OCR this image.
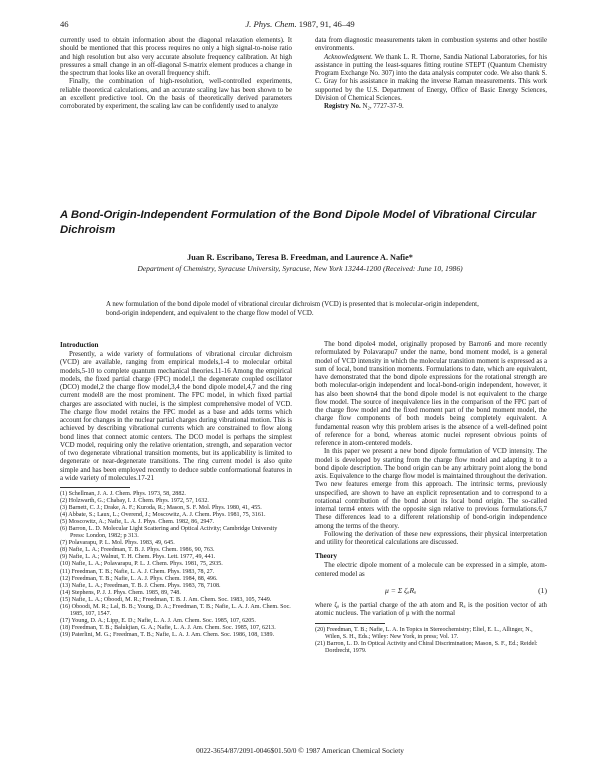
46	J. Phys. Chem. 1987, 91, 46–49

currently used to obtain information about the diagonal relaxation elements). It should be mentioned that this process requires no only a high signal-to-noise ratio and high resolution but also very accurate absolute frequency calibration. At high pressures a small change in an off-diagonal S-matrix element produces a change in the spectrum that looks like an overall frequency shift.

Finally, the combination of high-resolution, well-controlled experiments, reliable theoretical calculations, and an accurate scaling law has been shown to be an excellent predictive tool. On the basis of theoretically derived parameters corroborated by experiment, the scaling law can be confidently used to analyze

data from diagnostic measurements taken in combustion systems and other hostile environments.

Acknowledgment. We thank L. R. Thorne, Sandia National Laboratories, for his assistance in putting the least-squares fitting routine STEPT (Quantum Chemistry Program Exchange No. 307) into the data analysis computer code. We also thank S. C. Gray for his assistance in making the inverse Raman measurements. This work supported by the U.S. Department of Energy, Office of Basic Energy Sciences, Division of Chemical Sciences.

Registry No. N₂, 7727-37-9.

A Bond-Origin-Independent Formulation of the Bond Dipole Model of Vibrational Circular Dichroism
Juan R. Escribano, Teresa B. Freedman, and Laurence A. Nafie*
Department of Chemistry, Syracuse University, Syracuse, New York 13244-1200 (Received: June 10, 1986)
A new formulation of the bond dipole model of vibrational circular dichroism (VCD) is presented that is molecular-origin independent, bond-origin independent, and equivalent to the charge flow model of VCD.
Introduction

Presently, a wide variety of formulations of vibrational circular dichroism (VCD) are available, ranging from empirical models,1-4 to molecular orbital models,5-10 to complete quantum mechanical theories.11-16 Among the empirical models, the fixed partial charge (FPC) model,1 the degenerate coupled oscillator (DCO) model,2 the charge flow model,3,4 the bond dipole model,4,7 and the ring current model8 are the most prominent. The FPC model, in which fixed partial charges are associated with nuclei, is the simplest comprehensive model of VCD. The charge flow model retains the FPC model as a base and adds terms which account for changes in the nuclear partial charges during vibrational motion. This is achieved by describing vibrational currents which are constrained to flow along bond lines that connect atomic centers. The DCO model is perhaps the simplest VCD model, requiring only the relative orientation, strength, and separation vector of two degenerate vibrational transition moments, but its applicability is limited to degenerate or near-degenerate transitions. The ring current model is also quite simple and has been employed recently to deduce subtle conformational features in a wide variety of molecules.17-21

(1) Schellman, J. A. J. Chem. Phys. 1973, 58, 2882.
(2) Holzwarth, G.; Chabay, I. J. Chem. Phys. 1972, 57, 1632.
(3) Barnett, C. J.; Drake, A. F.; Kuroda, R.; Mason, S. F. Mol. Phys. 1980, 41, 455.
(4) Abbate, S.; Laux, L.; Overend, J.; Moscowitz, A. J. Chem. Phys. 1981, 75, 3161.
(5) Moscowitz, A.; Nafie, L. A. J. Phys. Chem. 1982, 86, 2947.
(6) Barron, L. D. Molecular Light Scattering and Optical Activity; Cambridge University Press: London, 1982; p 313.
(7) Polavarapu, P. L. Mol. Phys. 1983, 49, 645.
(8) Nafie, L. A.; Freedman, T. B. J. Phys. Chem. 1986, 90, 763.
(9) Nafie, L. A.; Walnut, T. H. Chem. Phys. Lett. 1977, 49, 441.
(10) Nafie, L. A.; Polavarapu, P. L. J. Chem. Phys. 1981, 75, 2935.
(11) Freedman, T. B.; Nafie, L. A. J. Chem. Phys. 1983, 78, 27.
(12) Freedman, T. B.; Nafie, L. A. J. Phys. Chem. 1984, 88, 496.
(13) Nafie, L. A.; Freedman, T. B. J. Chem. Phys. 1983, 78, 7108.
(14) Stephens, P. J. J. Phys. Chem. 1985, 89, 748.
(15) Nafie, L. A.; Oboodi, M. R.; Freedman, T. B. J. Am. Chem. Soc. 1983, 105, 7449.
(16) Oboodi, M. R.; Lal, B. B.; Young, D. A.; Freedman, T. B.; Nafie, L. A. J. Am. Chem. Soc. 1985, 107, 1547.
(17) Young, D. A.; Lipp, E. D.; Nafie, L. A. J. Am. Chem. Soc. 1985, 107, 6205.
(18) Freedman, T. B.; Balukjian, G. A.; Nafie, L. A. J. Am. Chem. Soc. 1985, 107, 6213.
(19) Paterlini, M. G.; Freedman, T. B.; Nafie, L. A. J. Am. Chem. Soc. 1986, 108, 1389.

The bond dipole4 model, originally proposed by Barron6 and more recently reformulated by Polavarapu7 under the name, bond moment model, is a general model of VCD intensity in which the molecular transition moment is expressed as a sum of local, bond transition moments. Formulations to date, which are equivalent, have demonstrated that the bond dipole expressions for the rotational strength are both molecular-origin independent and local-bond-origin independent, however, it has also been shown4 that the bond dipole model is not equivalent to the charge flow model. The source of inequivalence lies in the comparison of the FPC part of the charge flow model and the fixed moment part of the bond moment model, the charge flow components of both models being completely equivalent. A fundamental reason why this problem arises is the absence of a well-defined point of reference for a bond, whereas atomic nuclei represent obvious points of reference in atom-centered models.

In this paper we present a new bond dipole formulation of VCD intensity. The model is developed by starting from the charge flow model and adapting it to a bond dipole description. The bond origin can be any arbitrary point along the bond axis. Equivalence to the charge flow model is maintained throughout the derivation. Two new features emerge from this approach. The intrinsic terms, previously unspecified, are shown to have an explicit representation and to correspond to a rotational contribution of the bond about its local bond origin. The so-called internal term4 enters with the opposite sign relative to previous formulations.6,7 These differences lead to a different relationship of bond-origin independence among the terms of the theory.

Following the derivation of these new expressions, their physical interpretation and utility for theoretical calculations are discussed.

Theory

The electric dipole moment of a molecule can be expressed in a simple, atom-centered model as

μ = Σ ζₐRₐ	(1)

where ζₐ is the partial charge of the ath atom and Rₐ is the position vector of ath atomic nucleus. The variation of μ with the normal

(20) Freedman, T. B.; Nafie, L. A. In Topics in Stereochemistry; Eliel, E. L., Allinger, N., Wilen, S. H., Eds.; Wiley: New York, in press; Vol. 17.
(21) Barron, L. D. In Optical Activity and Chiral Discrimination; Mason, S. F., Ed.; Reidel: Dordrecht, 1979.
0022-3654/87/2091-0046$01.50/0 © 1987 American Chemical Society
